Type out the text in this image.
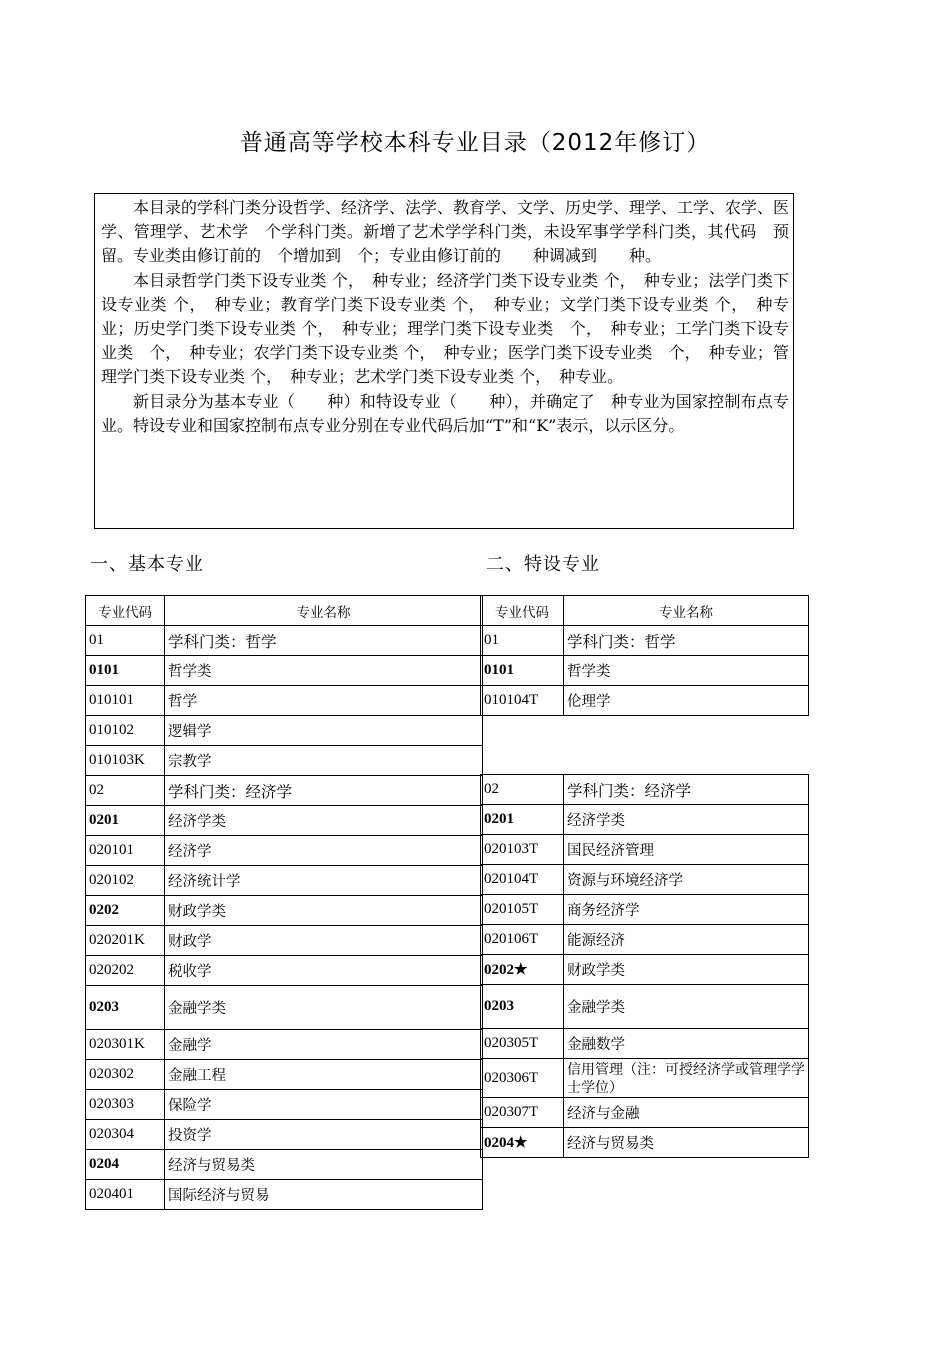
普通高等学校本科专业目录（2012年修订）

本目录的学科门类分设哲学、经济学、法学、教育学、文学、历史学、理学、工学、农学、医学、管理学、艺术学　个学科门类。新增了艺术学学科门类，未设军事学学科门类，其代码　预留。专业类由修订前的　个增加到　个；专业由修订前的　　种调减到　　种。

本目录哲学门类下设专业类 个，　种专业；经济学门类下设专业类 个，　种专业；法学门类下设专业类 个，　种专业；教育学门类下设专业类 个，　种专业；文学门类下设专业类 个，　种专业；历史学门类下设专业类 个，　种专业；理学门类下设专业类　个，　种专业；工学门类下设专业类　个，　种专业；农学门类下设专业类 个，　种专业；医学门类下设专业类　个，　种专业；管理学门类下设专业类 个，　种专业；艺术学门类下设专业类 个，　种专业。

新目录分为基本专业（　　种）和特设专业（　　种），并确定了　种专业为国家控制布点专业。特设专业和国家控制布点专业分别在专业代码后加“T”和“K”表示，以示区分。

一、基本专业	二、特设专业
专业代码	专业名称
01	学科门类：哲学
0101	哲学类
010101	哲学
010102	逻辑学
010103K	宗教学
02	学科门类：经济学
0201	经济学类
020101	经济学
020102	经济统计学
0202	财政学类
020201K	财政学
020202	税收学
0203	金融学类
020301K	金融学
020302	金融工程
020303	保险学
020304	投资学
0204	经济与贸易类
020401	国际经济与贸易
专业代码	专业名称
01	学科门类：哲学
0101	哲学类
010104T	伦理学

02	学科门类：经济学
0201	经济学类
020103T	国民经济管理
020104T	资源与环境经济学
020105T	商务经济学
020106T	能源经济
0202★	财政学类
0203	金融学类
020305T	金融数学
020306T	信用管理（注：可授经济学或管理学学士学位）
020307T	经济与金融
0204★	经济与贸易类
